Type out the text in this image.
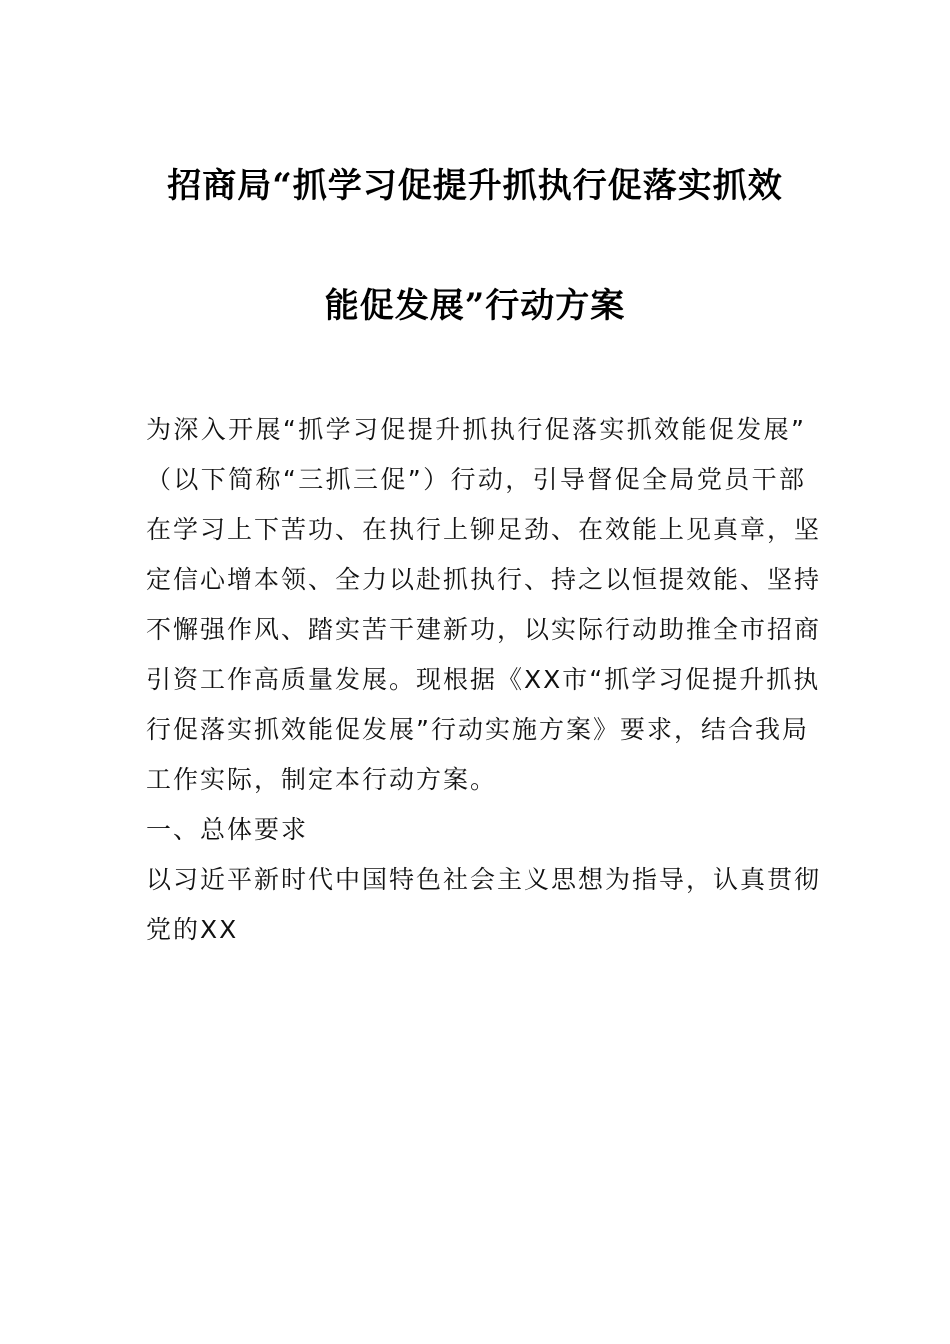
招商局“抓学习促提升抓执行促落实抓效
能促发展”行动方案
为深入开展“抓学习促提升抓执行促落实抓效能促发展”
（以下简称“三抓三促”）行动，引导督促全局党员干部
在学习上下苦功、在执行上铆足劲、在效能上见真章，坚
定信心增本领、全力以赴抓执行、持之以恒提效能、坚持
不懈强作风、踏实苦干建新功，以实际行动助推全市招商
引资工作高质量发展。现根据《XX市“抓学习促提升抓执
行促落实抓效能促发展”行动实施方案》要求，结合我局
工作实际，制定本行动方案。
一、总体要求
以习近平新时代中国特色社会主义思想为指导，认真贯彻
党的XX
